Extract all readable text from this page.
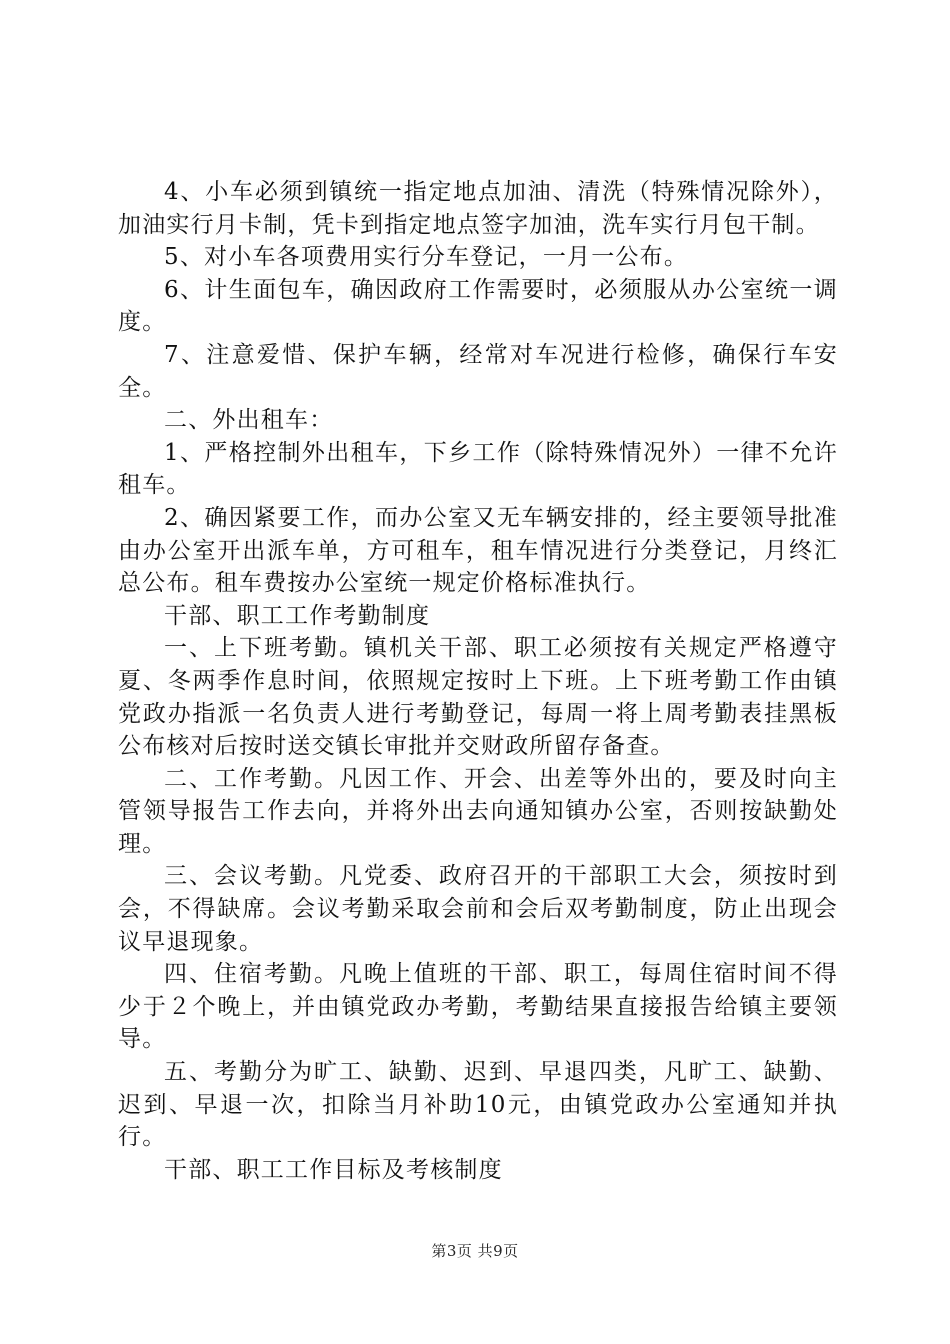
4、小车必须到镇统一指定地点加油、清洗（特殊情况除外），加油实行月卡制，凭卡到指定地点签字加油，洗车实行月包干制。

5、对小车各项费用实行分车登记，一月一公布。

6、计生面包车，确因政府工作需要时，必须服从办公室统一调度。

7、注意爱惜、保护车辆，经常对车况进行检修，确保行车安全。

二、外出租车：

1、严格控制外出租车，下乡工作（除特殊情况外）一律不允许租车。

2、确因紧要工作，而办公室又无车辆安排的，经主要领导批准由办公室开出派车单，方可租车，租车情况进行分类登记，月终汇总公布。租车费按办公室统一规定价格标准执行。

干部、职工工作考勤制度

一、上下班考勤。镇机关干部、职工必须按有关规定严格遵守夏、冬两季作息时间，依照规定按时上下班。上下班考勤工作由镇党政办指派一名负责人进行考勤登记，每周一将上周考勤表挂黑板公布核对后按时送交镇长审批并交财政所留存备查。

二、工作考勤。凡因工作、开会、出差等外出的，要及时向主管领导报告工作去向，并将外出去向通知镇办公室，否则按缺勤处理。

三、会议考勤。凡党委、政府召开的干部职工大会，须按时到会，不得缺席。会议考勤采取会前和会后双考勤制度，防止出现会议早退现象。

四、住宿考勤。凡晚上值班的干部、职工，每周住宿时间不得少于２个晚上，并由镇党政办考勤，考勤结果直接报告给镇主要领导。

五、考勤分为旷工、缺勤、迟到、早退四类，凡旷工、缺勤、迟到、早退一次，扣除当月补助10元，由镇党政办公室通知并执行。

干部、职工工作目标及考核制度

第3页 共9页
